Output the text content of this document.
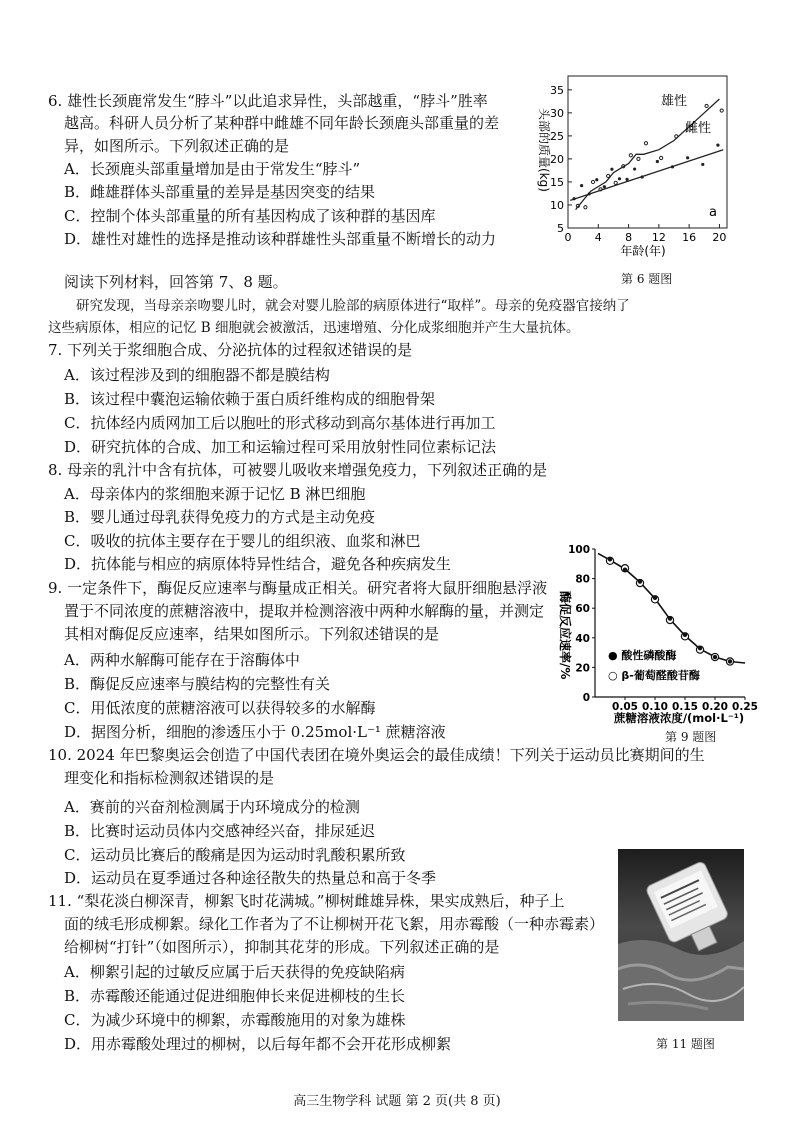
6. 雄性长颈鹿常发生“脖斗”以此追求异性，头部越重，“脖斗”胜率
越高。科研人员分析了某种群中雌雄不同年龄长颈鹿头部重量的差
异，如图所示。下列叙述正确的是
A．长颈鹿头部重量增加是由于常发生“脖斗”
B．雌雄群体头部重量的差异是基因突变的结果
C．控制个体头部重量的所有基因构成了该种群的基因库
D．雄性对雄性的选择是推动该种群雄性头部重量不断增长的动力
35
30
25
20
15
10
5
0 4 8 12 16 20
头部的质量(kg)
年龄(年)
雄性
雌性
a
第 6 题图
阅读下列材料，回答第 7、8 题。
研究发现，当母亲亲吻婴儿时，就会对婴儿脸部的病原体进行“取样”。母亲的免疫器官接纳了
这些病原体，相应的记忆 B 细胞就会被激活，迅速增殖、分化成浆细胞并产生大量抗体。
7. 下列关于浆细胞合成、分泌抗体的过程叙述错误的是
A．该过程涉及到的细胞器不都是膜结构
B．该过程中囊泡运输依赖于蛋白质纤维构成的细胞骨架
C．抗体经内质网加工后以胞吐的形式移动到高尔基体进行再加工
D．研究抗体的合成、加工和运输过程可采用放射性同位素标记法
8. 母亲的乳汁中含有抗体，可被婴儿吸收来增强免疫力，下列叙述正确的是
A．母亲体内的浆细胞来源于记忆 B 淋巴细胞
B．婴儿通过母乳获得免疫力的方式是主动免疫
C．吸收的抗体主要存在于婴儿的组织液、血浆和淋巴
D．抗体能与相应的病原体特异性结合，避免各种疾病发生
100
80
60
40
20
0
0.05 0.10 0.15 0.20 0.25
酶促反应速率/%
蔗糖溶液浓度/(mol·L⁻¹)
● 酸性磷酸酶
○ β-葡萄醛酸苷酶
第 9 题图
9. 一定条件下，酶促反应速率与酶量成正相关。研究者将大鼠肝细胞悬浮液
置于不同浓度的蔗糖溶液中，提取并检测溶液中两种水解酶的量，并测定
其相对酶促反应速率，结果如图所示。下列叙述错误的是
A．两种水解酶可能存在于溶酶体中
B．酶促反应速率与膜结构的完整性有关
C．用低浓度的蔗糖溶液可以获得较多的水解酶
D．据图分析，细胞的渗透压小于 0.25mol·L⁻¹ 蔗糖溶液
10. 2024 年巴黎奥运会创造了中国代表团在境外奥运会的最佳成绩！下列关于运动员比赛期间的生
理变化和指标检测叙述错误的是
A．赛前的兴奋剂检测属于内环境成分的检测
B．比赛时运动员体内交感神经兴奋，排尿延迟
C．运动员比赛后的酸痛是因为运动时乳酸积累所致
D．运动员在夏季通过各种途径散失的热量总和高于冬季
11. “梨花淡白柳深青，柳絮飞时花满城。”柳树雌雄异株，果实成熟后，种子上
面的绒毛形成柳絮。绿化工作者为了不让柳树开花飞絮，用赤霉酸（一种赤霉素）
给柳树“打针”（如图所示），抑制其花芽的形成。下列叙述正确的是
A．柳絮引起的过敏反应属于后天获得的免疫缺陷病
B．赤霉酸还能通过促进细胞伸长来促进柳枝的生长
C．为减少环境中的柳絮，赤霉酸施用的对象为雄株
D．用赤霉酸处理过的柳树，以后每年都不会开花形成柳絮	第 11 题图
高三生物学科 试题 第 2 页(共 8 页)
